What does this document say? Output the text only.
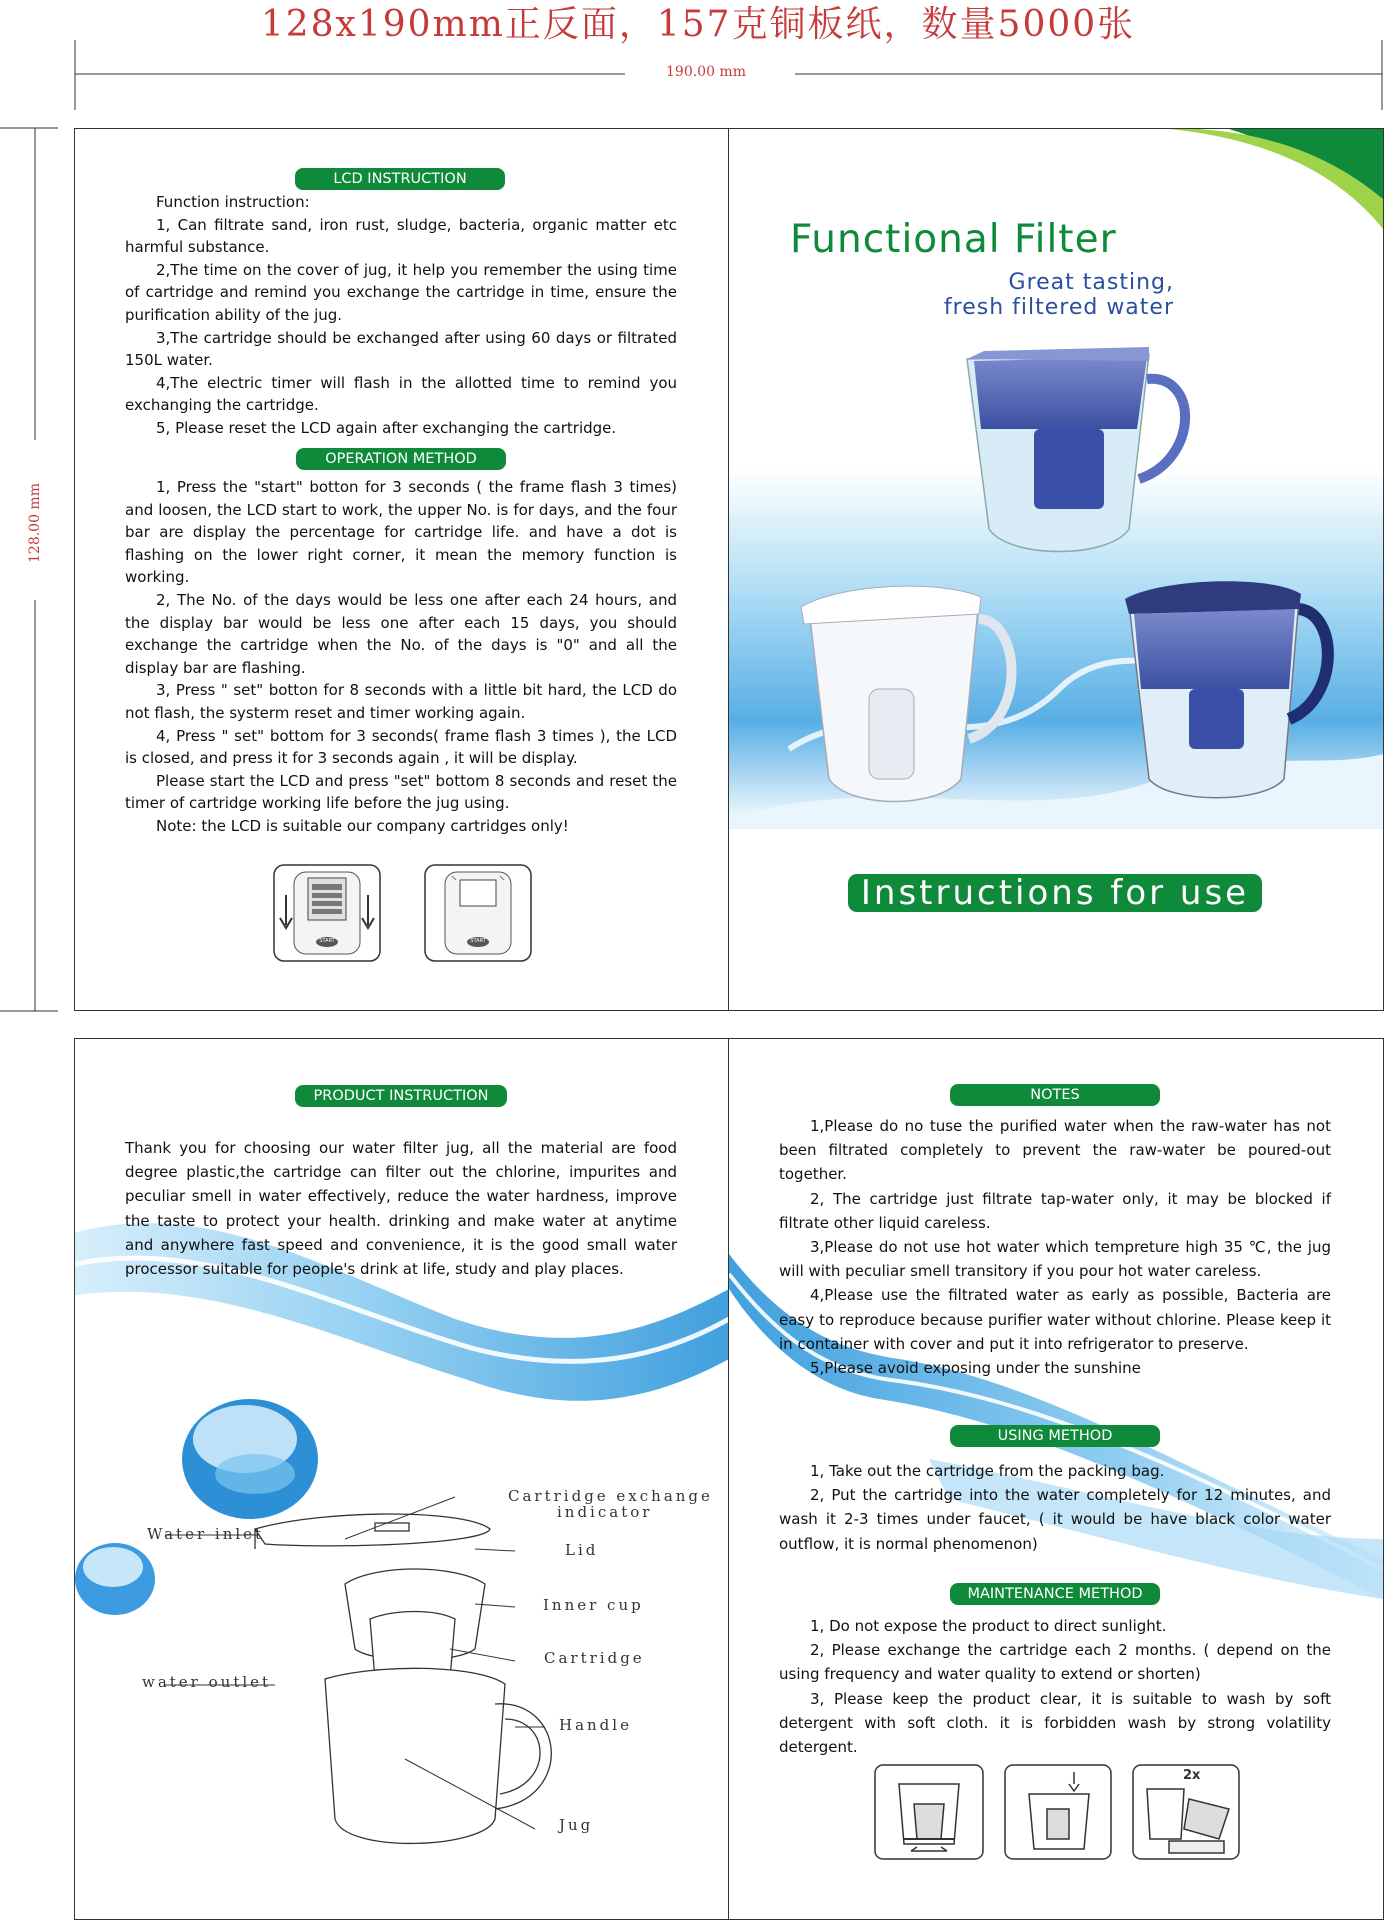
128x190mm正反面，157克铜板纸，数量5000张
190.00 mm
128.00 mm
LCD INSTRUCTION

Function instruction:

1, Can filtrate sand, iron rust, sludge, bacteria, organic matter etc harmful substance.

2,The time on the cover of jug, it help you remember the using time of cartridge and remind you exchange the cartridge in time, ensure the purification ability of the jug.

3,The cartridge should be exchanged after using 60 days or filtrated 150L water.

4,The electric timer will flash in the allotted time to remind you exchanging the cartridge.

5, Please reset the LCD again after exchanging the cartridge.

OPERATION METHOD

1, Press the "start" botton for 3 seconds ( the frame flash 3 times) and loosen, the LCD start to work, the upper No. is for days, and the four bar are display the percentage for cartridge life. and have a dot is flashing on the lower right corner, it mean the memory function is working.

2, The No. of the days would be less one after each 24 hours, and the display bar would be less one after each 15 days, you should exchange the cartridge when the No. of the days is "0" and all the display bar are flashing.

3, Press " set" botton for 8 seconds with a little bit hard, the LCD do not flash, the systerm reset and timer working again.

4, Press " set" bottom for 3 seconds( frame flash 3 times ), the LCD is closed, and press it for 3 seconds again , it will be display.

Please start the LCD and press "set" bottom 8 seconds and reset the timer of cartridge working life before the jug using.

Note: the LCD is suitable our company cartridges only!

START	START
Functional Filter
Great tasting,
fresh filtered water
Instructions for use
PRODUCT INSTRUCTION

Thank you for choosing our water filter jug, all the material are food degree plastic,the cartridge can filter out the chlorine, impurites and peculiar smell in water effectively, reduce the water hardness, improve the taste to protect your health. drinking and make water at anytime and anywhere fast speed and convenience, it is the good small water processor suitable for people's drink at life, study and play places.

Water inlet
water outlet
Cartridge exchange
indicator
Lid
Inner cup
Cartridge
Handle
Jug
2x
NOTES

1,Please do no tuse the purified water when the raw-water has not been filtrated completely to prevent the raw-water be poured-out together.

2, The cartridge just filtrate tap-water only, it may be blocked if filtrate other liquid careless.

3,Please do not use hot water which tempreture high 35 ℃, the jug will with peculiar smell transitory if you pour hot water careless.

4,Please use the filtrated water as early as possible, Bacteria are easy to reproduce because purifier water without chlorine. Please keep it in container with cover and put it into refrigerator to preserve.

5,Please avoid exposing under the sunshine

USING METHOD

1, Take out the cartridge from the packing bag.

2, Put the cartridge into the water completely for 12 minutes, and wash it 2-3 times under faucet, ( it would be have black color water outflow, it is normal phenomenon)

MAINTENANCE METHOD

1, Do not expose the product to direct sunlight.

2, Please exchange the cartridge each 2 months. ( depend on the using frequency and water quality to extend or shorten)

3, Please keep the product clear, it is suitable to wash by soft detergent with soft cloth. it is forbidden wash by strong volatility detergent.
